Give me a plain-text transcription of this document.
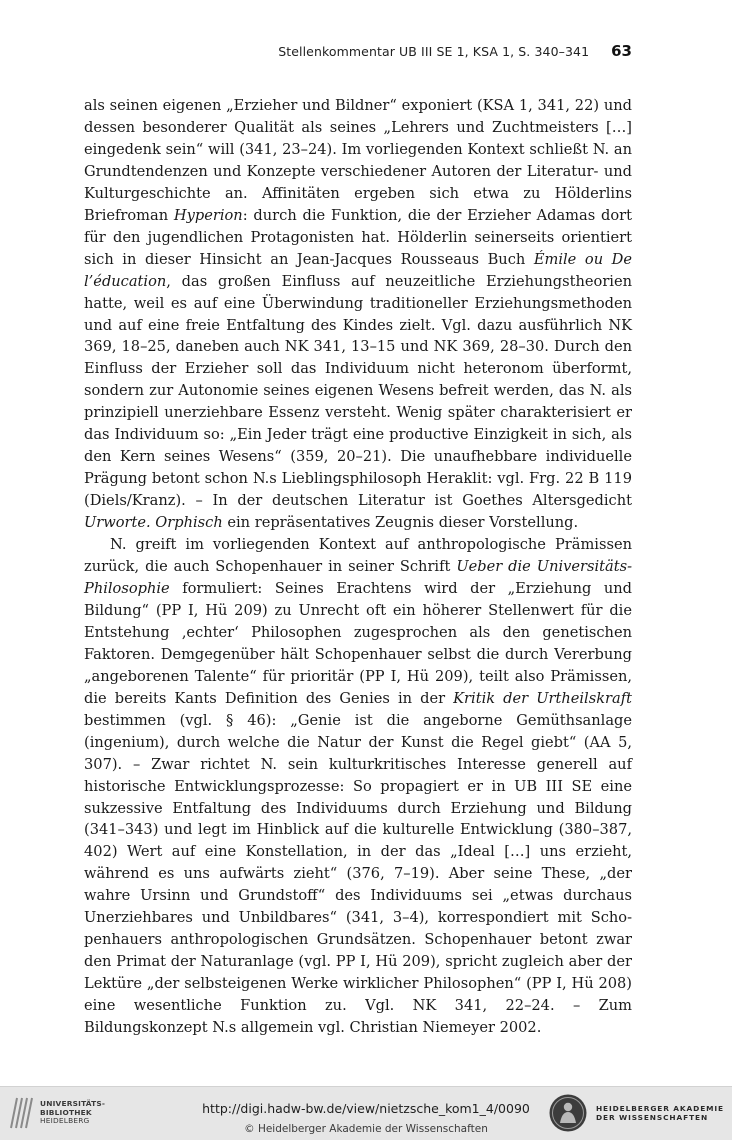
Stellenkommentar UB III SE 1, KSA 1, S. 340–341 63

als seinen eigenen „Erzieher und Bildner“ exponiert (KSA 1, 341, 22) und dessen besonderer Qualität als seines „Lehrers und Zuchtmeisters […] eingedenk sein“ will (341, 23–24). Im vorliegenden Kontext schließt N. an Grundtendenzen und Konzepte verschiedener Autoren der Literatur- und Kulturgeschichte an. Affinitäten ergeben sich etwa zu Hölderlins Briefroman Hyperion: durch die Funktion, die der Erzieher Adamas dort für den jugendlichen Protagonisten hat. Hölderlin seinerseits orientiert sich in dieser Hinsicht an Jean-Jacques Rousseaus Buch Émile ou De l’éducation, das großen Einfluss auf neuzeitliche Erziehungstheorien hatte, weil es auf eine Überwindung traditioneller Erziehungsmethoden und auf eine freie Entfaltung des Kindes zielt. Vgl. dazu ausführlich NK 369, 18–25, daneben auch NK 341, 13–15 und NK 369, 28–30. Durch den Einfluss der Erzieher soll das Individuum nicht heteronom überformt, sondern zur Autonomie seines eigenen Wesens befreit werden, das N. als prinzipiell unerziehbare Essenz versteht. Wenig später charakterisiert er das Individuum so: „Ein Jeder trägt eine productive Einzigkeit in sich, als den Kern seines Wesens“ (359, 20–21). Die unaufhebbare individuelle Prägung betont schon N.s Lieblingsphilosoph Heraklit: vgl. Frg. 22 B 119 (Diels/Kranz). – In der deutschen Literatur ist Goethes Altersgedicht Urworte. Orphisch ein repräsentatives Zeugnis dieser Vorstellung.

N. greift im vorliegenden Kontext auf anthropologische Prämissen zurück, die auch Schopenhauer in seiner Schrift Ueber die Universitäts-Philosophie formuliert: Seines Erachtens wird der „Erziehung und Bildung“ (PP I, Hü 209) zu Unrecht oft ein höherer Stellenwert für die Entstehung ‚echter‘ Philosophen zugesprochen als den genetischen Faktoren. Demgegenüber hält Schopenhauer selbst die durch Vererbung „angeborenen Talente“ für prioritär (PP I, Hü 209), teilt also Prämissen, die bereits Kants Definition des Genies in der Kritik der Urtheilskraft bestimmen (vgl. § 46): „Genie ist die angeborne Gemüthsanlage (ingenium), durch welche die Natur der Kunst die Regel giebt“ (AA 5, 307). – Zwar richtet N. sein kulturkritisches Interesse generell auf historische Entwicklungsprozesse: So propagiert er in UB III SE eine sukzessive Entfaltung des Individuums durch Erziehung und Bildung (341–343) und legt im Hinblick auf die kulturelle Entwicklung (380–387, 402) Wert auf eine Konstellation, in der das „Ideal […] uns erzieht, während es uns aufwärts zieht“ (376, 7–19). Aber seine These, „der wahre Ursinn und Grundstoff“ des Individuums sei „etwas durchaus Unerziehbares und Unbildbares“ (341, 3–4), korrespondiert mit Schopenhauers anthropologischen Grundsätzen. Schopenhauer betont zwar den Primat der Naturanlage (vgl. PP I, Hü 209), spricht zugleich aber der Lektüre „der selbsteigenen Werke wirklicher Philosophen“ (PP I, Hü 208) eine wesentliche Funktion zu. Vgl. NK 341, 22–24. – Zum Bildungskonzept N.s allgemein vgl. Christian Niemeyer 2002.

UNIVERSITÄTS-
BIBLIOTHEK
HEIDELBERG
http://digi.hadw-bw.de/view/nietzsche_kom1_4/0090
© Heidelberger Akademie der Wissenschaften
HEIDELBERGER AKADEMIE
DER WISSENSCHAFTEN
